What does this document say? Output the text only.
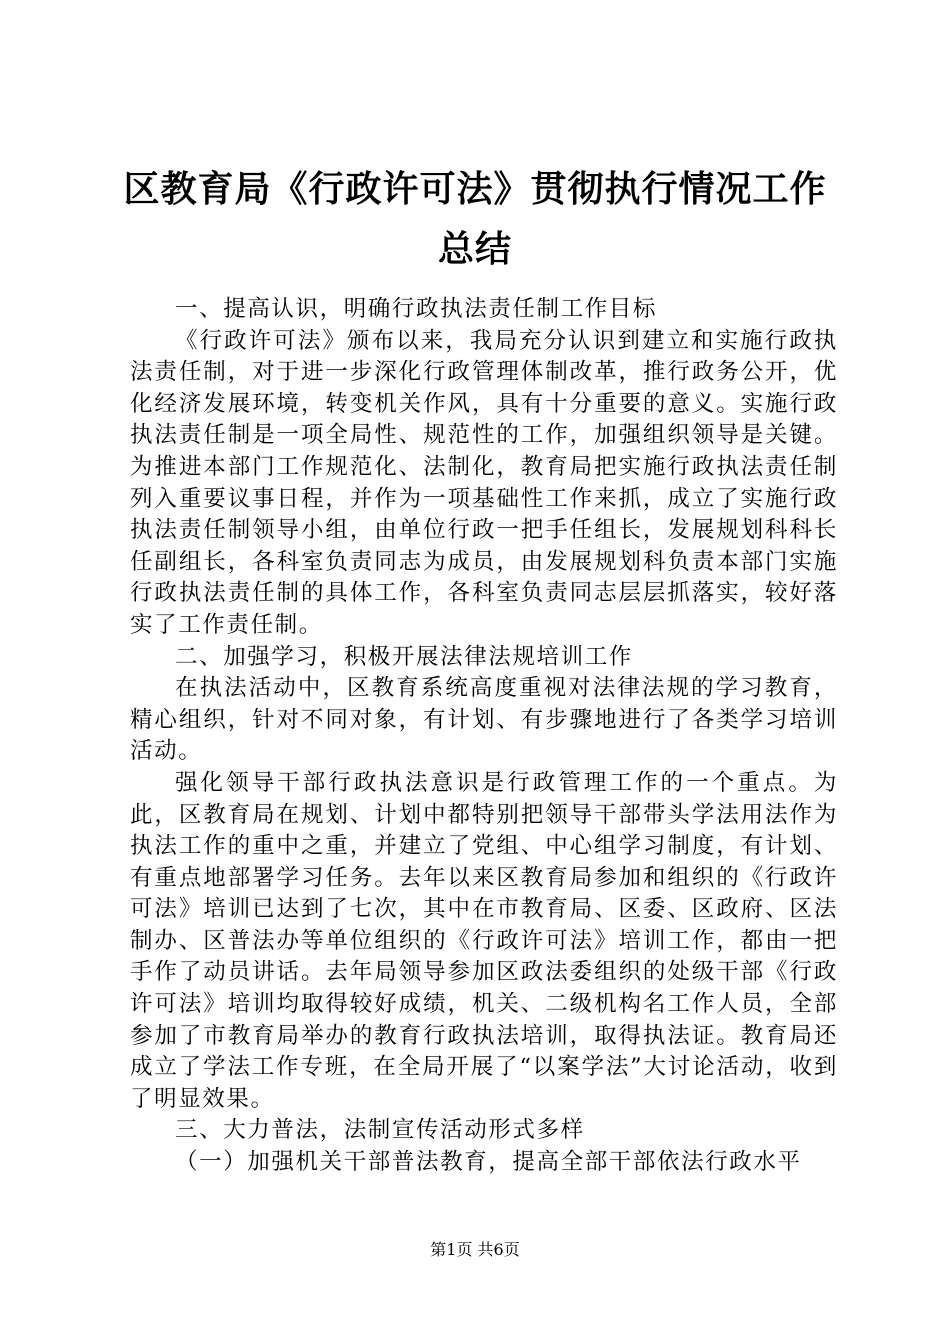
区教育局《行政许可法》贯彻执行情况工作总结

一、提高认识，明确行政执法责任制工作目标

《行政许可法》颁布以来，我局充分认识到建立和实施行政执法责任制，对于进一步深化行政管理体制改革，推行政务公开，优化经济发展环境，转变机关作风，具有十分重要的意义。实施行政执法责任制是一项全局性、规范性的工作，加强组织领导是关键。为推进本部门工作规范化、法制化，教育局把实施行政执法责任制列入重要议事日程，并作为一项基础性工作来抓，成立了实施行政执法责任制领导小组，由单位行政一把手任组长，发展规划科科长任副组长，各科室负责同志为成员，由发展规划科负责本部门实施行政执法责任制的具体工作，各科室负责同志层层抓落实，较好落实了工作责任制。

二、加强学习，积极开展法律法规培训工作

在执法活动中，区教育系统高度重视对法律法规的学习教育，精心组织，针对不同对象，有计划、有步骤地进行了各类学习培训活动。

强化领导干部行政执法意识是行政管理工作的一个重点。为此，区教育局在规划、计划中都特别把领导干部带头学法用法作为执法工作的重中之重，并建立了党组、中心组学习制度，有计划、有重点地部署学习任务。去年以来区教育局参加和组织的《行政许可法》培训已达到了七次，其中在市教育局、区委、区政府、区法制办、区普法办等单位组织的《行政许可法》培训工作，都由一把手作了动员讲话。去年局领导参加区政法委组织的处级干部《行政许可法》培训均取得较好成绩，机关、二级机构名工作人员，全部参加了市教育局举办的教育行政执法培训，取得执法证。教育局还成立了学法工作专班，在全局开展了“以案学法”大讨论活动，收到了明显效果。

三、大力普法，法制宣传活动形式多样

（一）加强机关干部普法教育，提高全部干部依法行政水平

第1页 共6页
